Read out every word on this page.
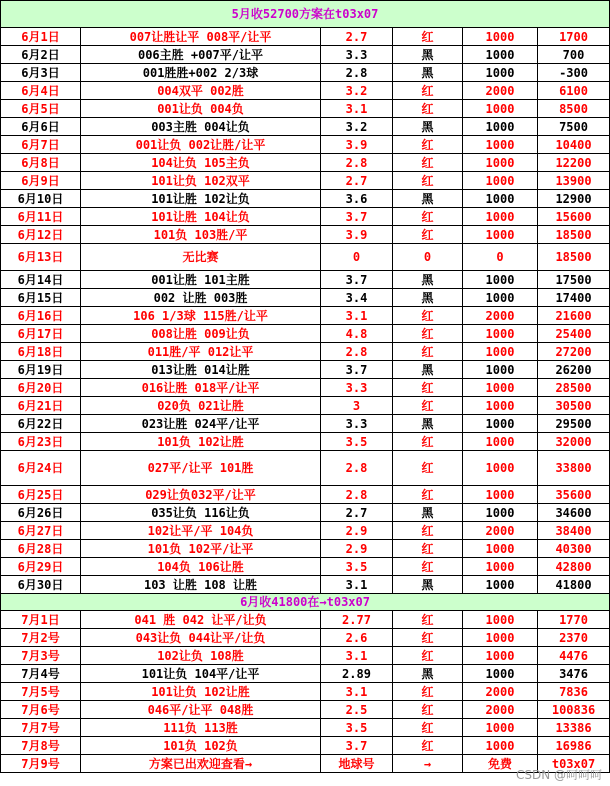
5月收52700方案在t03x07					
6月1日	007让胜让平 008平/让平	2.7	红	1000	1700
6月2日	006主胜 +007平/让平	3.3	黑	1000	700
6月3日	001胜胜+002 2/3球	2.8	黑	1000	-300
6月4日	004双平 002胜	3.2	红	2000	6100
6月5日	001让负 004负	3.1	红	1000	8500
6月6日	003主胜 004让负	3.2	黑	1000	7500
6月7日	001让负 002让胜/让平	3.9	红	1000	10400
6月8日	104让负 105主负	2.8	红	1000	12200
6月9日	101让负 102双平	2.7	红	1000	13900
6月10日	101让胜 102让负	3.6	黑	1000	12900
6月11日	101让胜 104让负	3.7	红	1000	15600
6月12日	101负 103胜/平	3.9	红	1000	18500
6月13日	无比赛	0	0	0	18500
6月14日	001让胜 101主胜	3.7	黑	1000	17500
6月15日	002 让胜 003胜	3.4	黑	1000	17400
6月16日	106 1/3球 115胜/让平	3.1	红	2000	21600
6月17日	008让胜 009让负	4.8	红	1000	25400
6月18日	011胜/平 012让平	2.8	红	1000	27200
6月19日	013让胜 014让胜	3.7	黑	1000	26200
6月20日	016让胜 018平/让平	3.3	红	1000	28500
6月21日	020负 021让胜	3	红	1000	30500
6月22日	023让胜 024平/让平	3.3	黑	1000	29500
6月23日	101负 102让胜	3.5	红	1000	32000
6月24日	027平/让平 101胜	2.8	红	1000	33800
6月25日	029让负032平/让平	2.8	红	1000	35600
6月26日	035让负 116让负	2.7	黑	1000	34600
6月27日	102让平/平 104负	2.9	红	2000	38400
6月28日	101负 102平/让平	2.9	红	1000	40300
6月29日	104负 106让胜	3.5	红	1000	42800
6月30日	103 让胜 108 让胜	3.1	黑	1000	41800
6月收41800在→t03x07					
7月1日	041 胜 042 让平/让负	2.77	红	1000	1770
7月2号	043让负 044让平/让负	2.6	红	1000	2370
7月3号	102让负 108胜	3.1	红	1000	4476
7月4号	101让负 104平/让平	2.89	黑	1000	3476
7月5号	101让负 102让胜	3.1	红	2000	7836
7月6号	046平/让平 048胜	2.5	红	2000	100836
7月7号	111负 113胜	3.5	红	1000	13386
7月8号	101负 102负	3.7	红	1000	16986
7月9号	方案已出欢迎查看→	地球号	→	免费	t03x07
CSDN @呵呵呵
